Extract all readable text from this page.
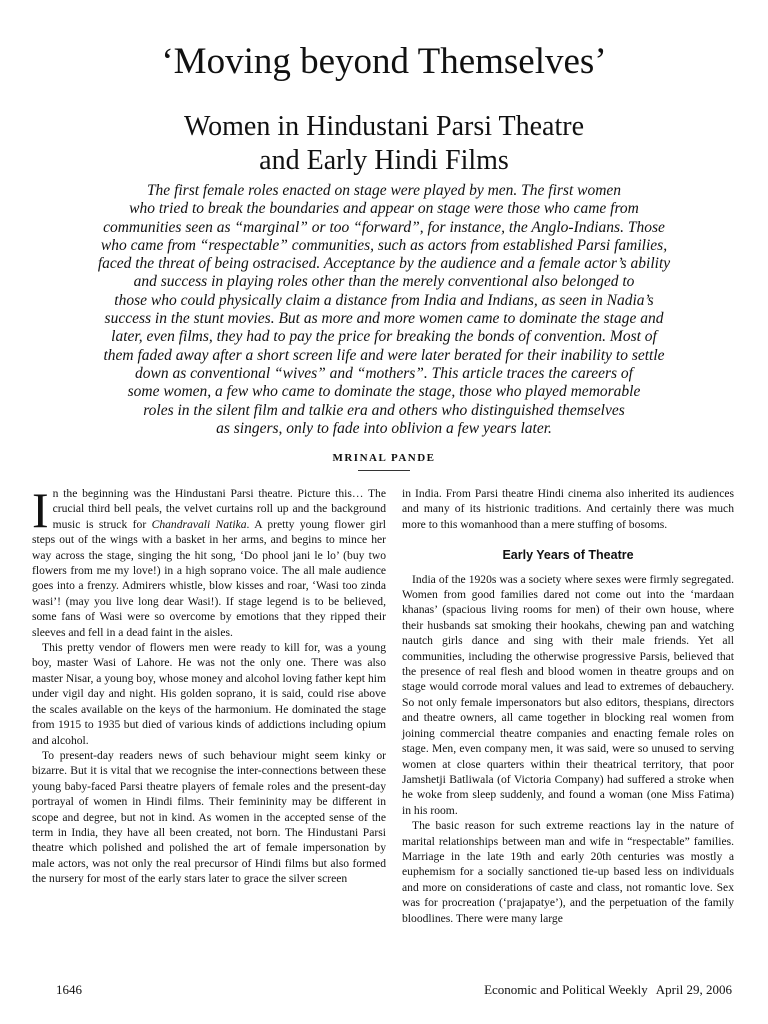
‘Moving beyond Themselves’
Women in Hindustani Parsi Theatre
and Early Hindi Films
The first female roles enacted on stage were played by men. The first women
who tried to break the boundaries and appear on stage were those who came from
communities seen as “marginal” or too “forward”, for instance, the Anglo-Indians. Those
who came from “respectable” communities, such as actors from established Parsi families,
faced the threat of being ostracised. Acceptance by the audience and a female actor’s ability
and success in playing roles other than the merely conventional also belonged to
those who could physically claim a distance from India and Indians, as seen in Nadia’s
success in the stunt movies. But as more and more women came to dominate the stage and
later, even films, they had to pay the price for breaking the bonds of convention. Most of
them faded away after a short screen life and were later berated for their inability to settle
down as conventional “wives” and “mothers”. This article traces the careers of
some women, a few who came to dominate the stage, those who played memorable
roles in the silent film and talkie era and others who distinguished themselves
as singers, only to fade into oblivion a few years later.
MRINAL PANDE

In the beginning was the Hindustani Parsi theatre. Picture this… The crucial third bell peals, the velvet curtains roll up and the background music is struck for Chandravali Natika. A pretty young flower girl steps out of the wings with a basket in her arms, and begins to mince her way across the stage, singing the hit song, ‘Do phool jani le lo’ (buy two flowers from me my love!) in a high soprano voice. The all male audience goes into a frenzy. Admirers whistle, blow kisses and roar, ‘Wasi too zinda wasi’! (may you live long dear Wasi!). If stage legend is to be believed, some fans of Wasi were so overcome by emotions that they ripped their sleeves and fell in a dead faint in the aisles.

This pretty vendor of flowers men were ready to kill for, was a young boy, master Wasi of Lahore. He was not the only one. There was also master Nisar, a young boy, whose money and alcohol loving father kept him under vigil day and night. His golden soprano, it is said, could rise above the scales available on the keys of the harmonium. He dominated the stage from 1915 to 1935 but died of various kinds of addictions including opium and alcohol.

To present-day readers news of such behaviour might seem kinky or bizarre. But it is vital that we recognise the inter-connections between these young baby-faced Parsi theatre players of female roles and the present-day portrayal of women in Hindi films. Their femininity may be different in scope and degree, but not in kind. As women in the accepted sense of the term in India, they have all been created, not born. The Hindustani Parsi theatre which polished and polished the art of female impersonation by male actors, was not only the real precursor of Hindi films but also formed the nursery for most of the early stars later to grace the silver screen

in India. From Parsi theatre Hindi cinema also inherited its audiences and many of its histrionic traditions. And certainly there was much more to this womanhood than a mere stuffing of bosoms.

Early Years of Theatre

India of the 1920s was a society where sexes were firmly segregated. Women from good families dared not come out into the ‘mardaan khanas’ (spacious living rooms for men) of their own house, where their husbands sat smoking their hookahs, chewing pan and watching nautch girls dance and sing with their male friends. Yet all communities, including the otherwise progressive Parsis, believed that the presence of real flesh and blood women in theatre groups and on stage would corrode moral values and lead to extremes of debauchery. So not only female impersonators but also editors, thespians, directors and theatre owners, all came together in blocking real women from joining commercial theatre companies and enacting female roles on stage. Men, even company men, it was said, were so unused to serving women at close quarters within their theatrical territory, that poor Jamshetji Batliwala (of Victoria Company) had suffered a stroke when he woke from sleep suddenly, and found a woman (one Miss Fatima) in his room.

The basic reason for such extreme reactions lay in the nature of marital relationships between man and wife in “respectable” families. Marriage in the late 19th and early 20th centuries was mostly a euphemism for a socially sanctioned tie-up based less on individuals and more on considerations of caste and class, not romantic love. Sex was for procreation (‘prajapatye’), and the perpetuation of the family bloodlines. There were many large

1646	Economic and Political Weekly April 29, 2006
